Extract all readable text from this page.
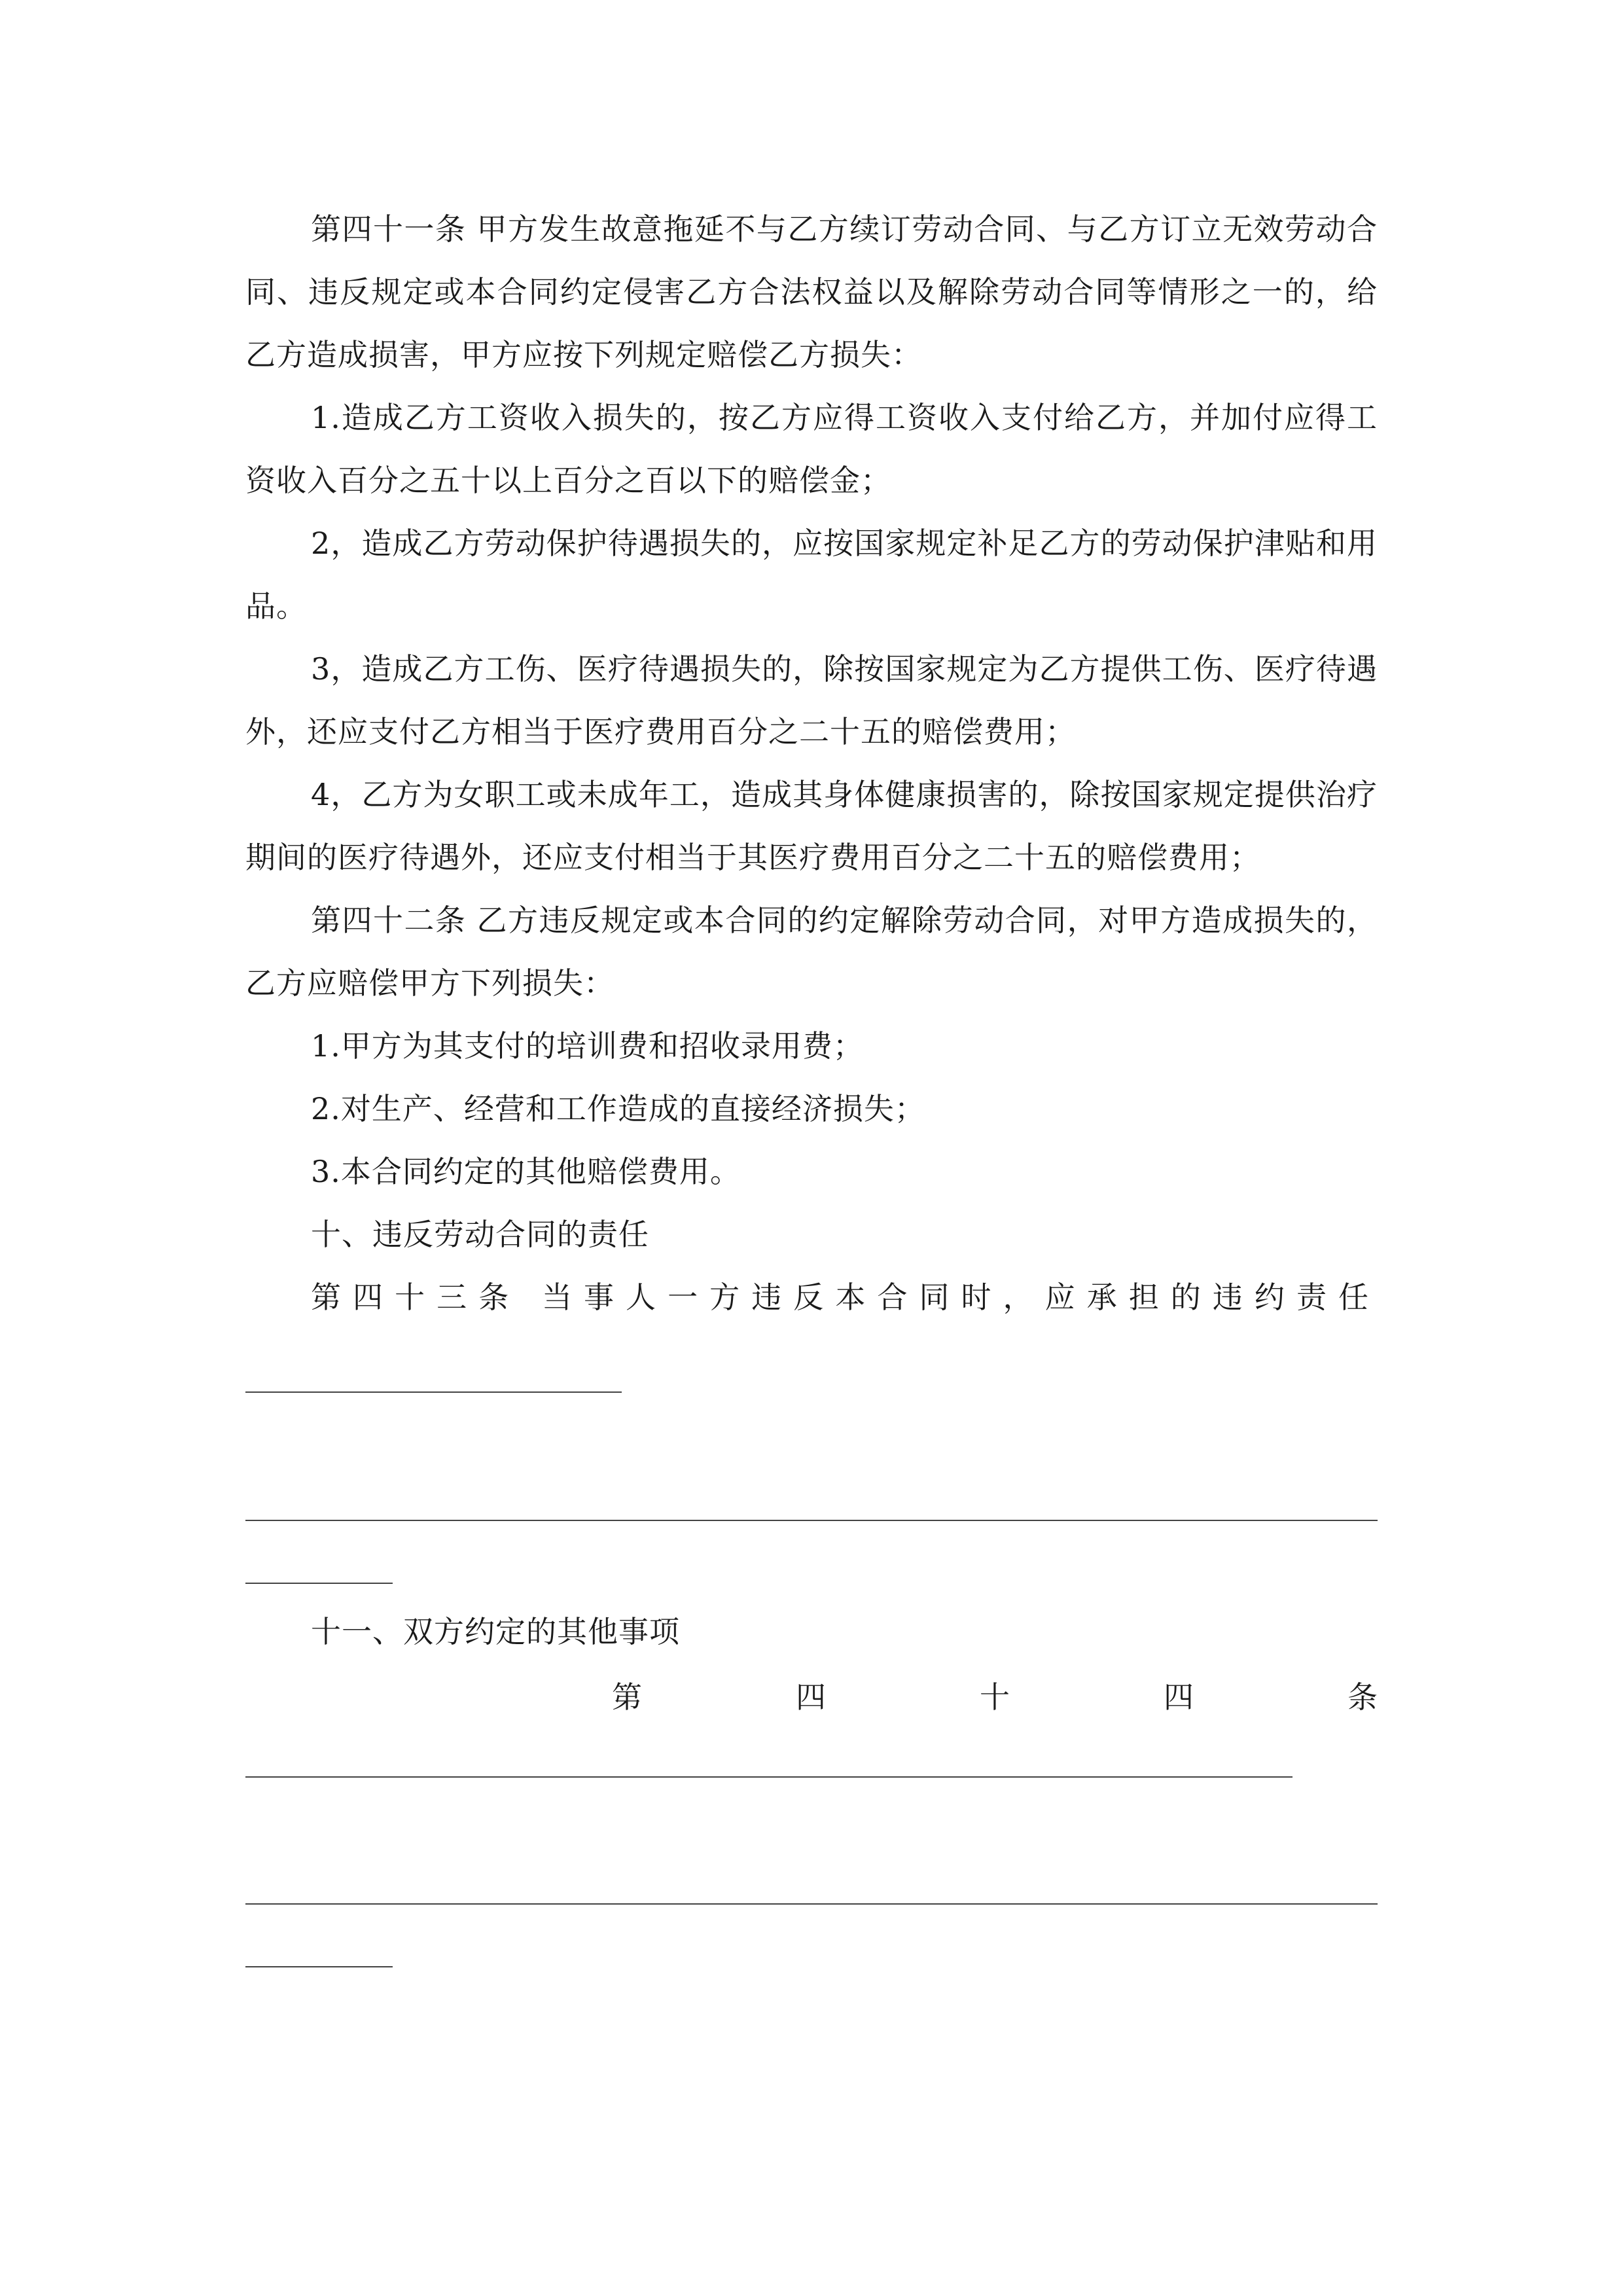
第四十一条 甲方发生故意拖延不与乙方续订劳动合同、与乙方订立无效劳动合同、违反规定或本合同约定侵害乙方合法权益以及解除劳动合同等情形之一的，给乙方造成损害，甲方应按下列规定赔偿乙方损失：

1.造成乙方工资收入损失的，按乙方应得工资收入支付给乙方，并加付应得工资收入百分之五十以上百分之百以下的赔偿金；

2，造成乙方劳动保护待遇损失的，应按国家规定补足乙方的劳动保护津贴和用品。

3，造成乙方工伤、医疗待遇损失的，除按国家规定为乙方提供工伤、医疗待遇外，还应支付乙方相当于医疗费用百分之二十五的赔偿费用；

4，乙方为女职工或未成年工，造成其身体健康损害的，除按国家规定提供治疗期间的医疗待遇外，还应支付相当于其医疗费用百分之二十五的赔偿费用；

第四十二条 乙方违反规定或本合同的约定解除劳动合同，对甲方造成损失的，乙方应赔偿甲方下列损失：

1.甲方为其支付的培训费和招收录用费；

2.对生产、经营和工作造成的直接经济损失；

3.本合同约定的其他赔偿费用。

十、违反劳动合同的责任

第四十三条 当事人一方违反本合同时，应承担的违约责任

十一、双方约定的其他事项

第	四	十	四	条
